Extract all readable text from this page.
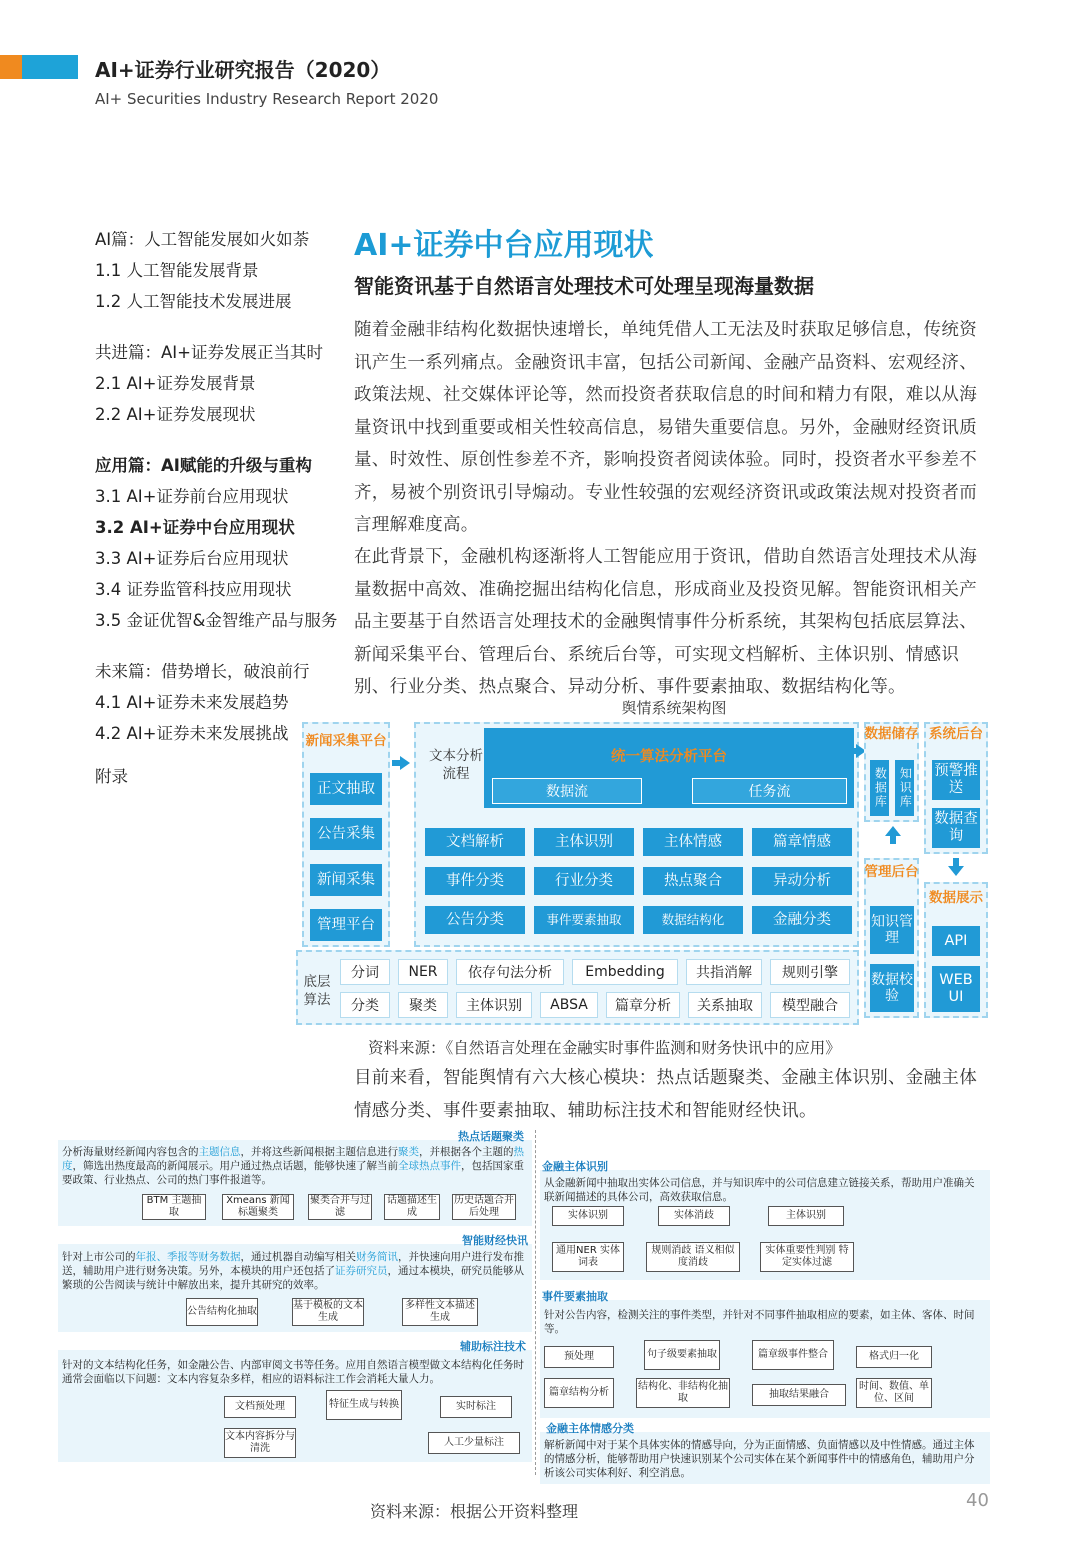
AI+证券行业研究报告（2020）
AI+ Securities Industry Research Report 2020
AI篇：人工智能发展如火如荼
1.1 人工智能发展背景
1.2 人工智能技术发展进展
共进篇：AI+证券发展正当其时
2.1 AI+证券发展背景
2.2 AI+证券发展现状
应用篇：AI赋能的升级与重构
3.1 AI+证券前台应用现状
3.2 AI+证券中台应用现状
3.3 AI+证券后台应用现状
3.4 证券监管科技应用现状
3.5 金证优智&金智维产品与服务
未来篇：借势增长，破浪前行
4.1 AI+证券未来发展趋势
4.2 AI+证券未来发展挑战
附录
AI+证券中台应用现状
智能资讯基于自然语言处理技术可处理呈现海量数据
随着金融非结构化数据快速增长，单纯凭借人工无法及时获取足够信息，传统资讯产生一系列痛点。金融资讯丰富，包括公司新闻、金融产品资料、宏观经济、政策法规、社交媒体评论等，然而投资者获取信息的时间和精力有限，难以从海量资讯中找到重要或相关性较高信息，易错失重要信息。另外，金融财经资讯质量、时效性、原创性参差不齐，影响投资者阅读体验。同时，投资者水平参差不齐，易被个别资讯引导煽动。专业性较强的宏观经济资讯或政策法规对投资者而言理解难度高。
在此背景下，金融机构逐渐将人工智能应用于资讯，借助自然语言处理技术从海量数据中高效、准确挖掘出结构化信息，形成商业及投资见解。智能资讯相关产品主要基于自然语言处理技术的金融舆情事件分析系统，其架构包括底层算法、新闻采集平台、管理后台、系统后台等，可实现文档解析、主体识别、情感识别、行业分类、热点聚合、异动分析、事件要素抽取、数据结构化等。
舆情系统架构图
新闻采集平台
正文抽取
公告采集
新闻采集
管理平台
文本分析流程
统一算法分析平台
数据流	任务流
文档解析	主体识别	主体情感	篇章情感
事件分类	行业分类	热点聚合	异动分析
公告分类	事件要素抽取	数据结构化	金融分类
底层算法
分词	NER	依存句法分析	Embedding	共指消解	规则引擎
分类	聚类	主体识别	ABSA	篇章分析	关系抽取	模型融合
数据储存
数据库 知识库
管理后台
知识管理
数据校验
系统后台
预警推送
数据查询
数据展示
API
WEB UI
资料来源：《自然语言处理在金融实时事件监测和财务快讯中的应用》
目前来看，智能舆情有六大核心模块：热点话题聚类、金融主体识别、金融主体情感分类、事件要素抽取、辅助标注技术和智能财经快讯。
热点话题聚类
分析海量财经新闻内容包含的主题信息，并将这些新闻根据主题信息进行聚类，并根据各个主题的热度，筛选出热度最高的新闻展示。用户通过热点话题，能够快速了解当前全球热点事件，包括国家重要政策、行业热点、公司的热门事件报道等。
BTM 主题抽取
Xmeans 新闻标题聚类
聚类合并与过滤
话题描述生成
历史话题合并后处理
智能财经快讯
针对上市公司的年报、季报等财务数据，通过机器自动编写相关财务简讯，并快速向用户进行发布推送，辅助用户进行财务决策。另外，本模块的用户还包括了证券研究员，通过本模块，研究员能够从繁琐的公告阅读与统计中解放出来，提升其研究的效率。
公告结构化抽取
基于模板的文本生成
多样性文本描述生成
辅助标注技术
针对的文本结构化任务，如金融公告、内部审阅文书等任务。应用自然语言模型做文本结构化任务时通常会面临以下问题：文本内容复杂多样，相应的语料标注工作会消耗大量人力。
文档预处理	特征生成与转换	实时标注
文本内容拆分与清洗
人工少量标注
金融主体识别
从金融新闻中抽取出实体公司信息，并与知识库中的公司信息建立链接关系，帮助用户准确关联新闻描述的具体公司，高效获取信息。
实体识别	实体消歧	主体识别
通用NER 实体词表
规则消歧 语义相似度消歧
实体重要性判别 特定实体过滤
事件要素抽取
针对公告内容，检测关注的事件类型，并针对不同事件抽取相应的要素，如主体、客体、时间等。
预处理	句子级要素抽取	篇章级事件整合	格式归一化
篇章结构分析
结构化、非结构化抽取	抽取结果融合
时间、数值、单位、区间
金融主体情感分类
解析新闻中对于某个具体实体的情感导向，分为正面情感、负面情感以及中性情感。通过主体的情感分析，能够帮助用户快速识别某个公司实体在某个新闻事件中的情感角色，辅助用户分析该公司实体利好、利空消息。
资料来源：根据公开资料整理
40
